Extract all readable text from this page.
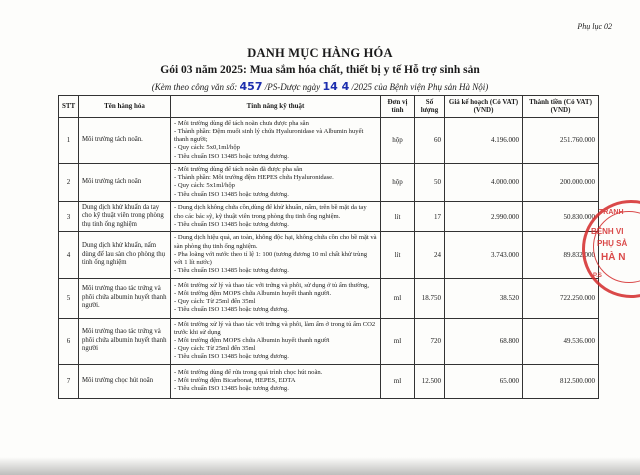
Phụ lục 02
DANH MỤC HÀNG HÓA
Gói 03 năm 2025: Mua sắm hóa chất, thiết bị y tế Hỗ trợ sinh sản
(Kèm theo công văn số: 457 /PS-Dược ngày 14 4 /2025 của Bệnh viện Phụ sản Hà Nội)
STT	Tên hàng hóa	Tính năng kỹ thuật	Đơn vị tính	Số lượng	Giá kế hoạch (Có VAT) (VND)	Thành tiền (Có VAT) (VND)
1	Môi trường tách noãn.	- Môi trường dùng để tách noãn chưa được pha sẵn
- Thành phần: Đệm muối sinh lý chứa Hyaluronidase và Albumin huyết thanh người;
- Quy cách: 5x0,1ml/hộp
- Tiêu chuẩn ISO 13485 hoặc tương đương.	hộp	60	4.196.000	251.760.000
2	Môi trường tách noãn	- Môi trường dùng để tách noãn đã được pha sẵn
- Thành phần: Môi trường đệm HEPES chứa Hyaluronidase.
- Quy cách: 5x1ml/hộp
- Tiêu chuẩn ISO 13485 hoặc tương đương.	hộp	50	4.000.000	200.000.000
3	Dung dịch khử khuẩn da tay cho kỹ thuật viên trong phòng thụ tinh ống nghiệm	- Dung dịch không chứa cồn,dùng để khử khuẩn, nấm, trên bề mặt da tay cho các bác sỹ, kỹ thuật viên trong phòng thụ tinh ống nghiệm.
- Tiêu chuẩn ISO 13485 hoặc tương đương.	lít	17	2.990.000	50.830.000
4	Dung dịch khử khuẩn, nấm dùng để lau sàn cho phòng thụ tinh ống nghiệm	- Dung dịch hiệu quả, an toàn, không độc hại, không chứa cồn cho bề mặt và sàn phòng thụ tinh ống nghiệm.
- Pha loãng với nước theo tỉ lệ 1: 100 (tương đương 10 ml chất khử trùng với 1 lít nước)
- Tiêu chuẩn ISO 13485 hoặc tương đương.	lít	24	3.743.000	89.832.000
5	Môi trường thao tác trứng và phôi chứa albumin huyết thanh người.	- Môi trường xử lý và thao tác với trứng và phôi, sử dụng ở tủ ấm thường,
- Môi trường đệm MOPS chứa Albumin huyết thanh người.
- Quy cách: Từ 25ml đến 35ml
- Tiêu chuẩn ISO 13485 hoặc tương đương.	ml	18.750	38.520	722.250.000
6	Môi trường thao tác trứng và phôi chứa albumin huyết thanh người	- Môi trường xử lý và thao tác với trứng và phôi, làm ấm ở trong tủ ấm CO2 trước khi sử dụng
- Môi trường đệm MOPS chứa Albumin huyết thanh người
- Quy cách: Từ 25ml đến 35ml
- Tiêu chuẩn ISO 13485 hoặc tương đương.	ml	720	68.800	49.536.000
7	Môi trường chọc hút noãn	- Môi trường dùng để rửa trong quá trình chọc hút noãn.
- Môi trường đệm Bicarbonat, HEPES, EDTA
- Tiêu chuẩn ISO 13485 hoặc tương đương.	ml	12.500	65.000	812.500.000
TRANH
BỆNH VI
PHỤ SẢ
HÀ N
P.S
